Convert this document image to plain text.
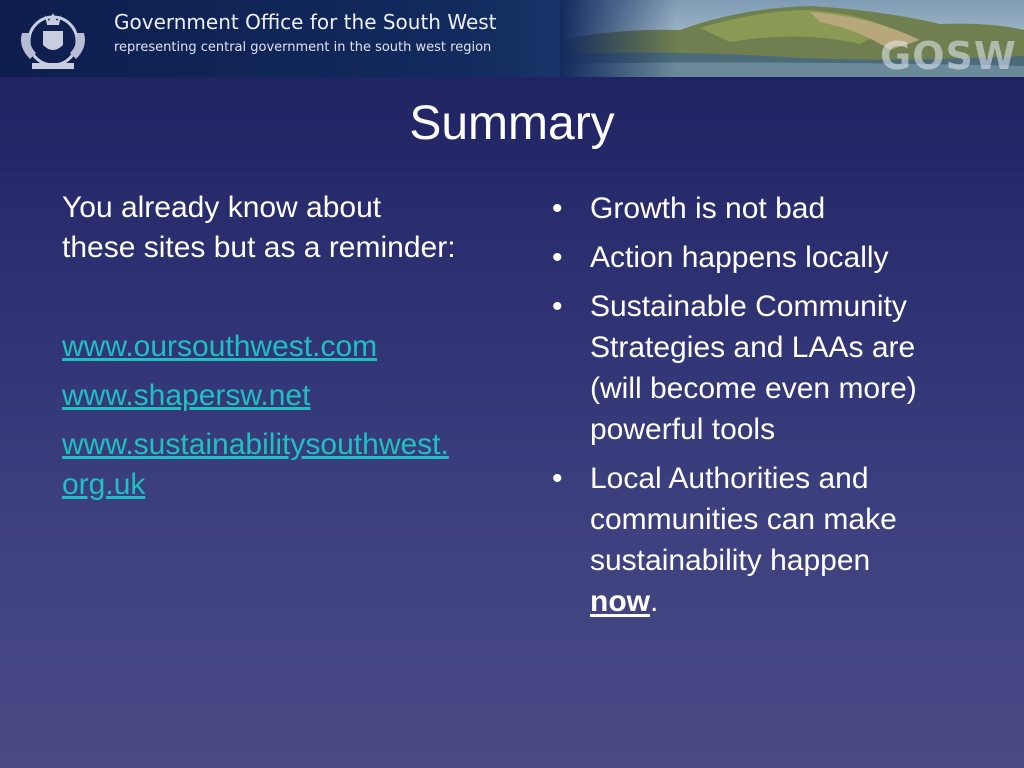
Government Office for the South West
representing central government in the south west region	GOSW
Summary
You already know about
these sites but as a reminder:
www.oursouthwest.com
www.shapersw.net
www.sustainabilitysouthwest.
org.uk
• Growth is not bad
• Action happens locally
• Sustainable Community
Strategies and LAAs are
(will become even more)
powerful tools
• Local Authorities and
communities can make
sustainability happen
now.
